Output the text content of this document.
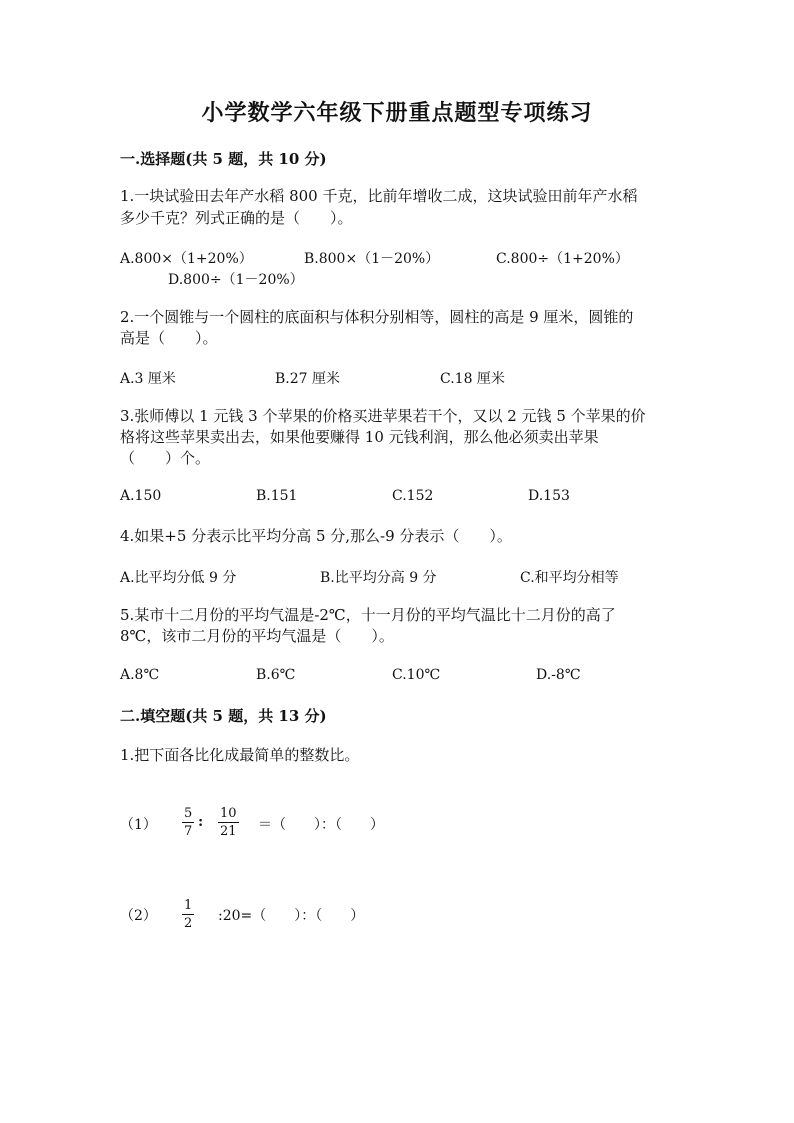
小学数学六年级下册重点题型专项练习
一.选择题(共 5 题，共 10 分)
1.一块试验田去年产水稻 800 千克，比前年增收二成，这块试验田前年产水稻
多少千克？列式正确的是（　　）。
A.800×（1+20%）	B.800×（1－20%）	C.800÷（1+20%）
D.800÷（1－20%）
2.一个圆锥与一个圆柱的底面积与体积分别相等，圆柱的高是 9 厘米，圆锥的
高是（　　）。
A.3 厘米	B.27 厘米	C.18 厘米
3.张师傅以 1 元钱 3 个苹果的价格买进苹果若干个，又以 2 元钱 5 个苹果的价
格将这些苹果卖出去，如果他要赚得 10 元钱利润，那么他必须卖出苹果
（　　）个。
A.150	B.151	C.152	D.153
4.如果+5 分表示比平均分高 5 分,那么-9 分表示（　　）。
A.比平均分低 9 分	B.比平均分高 9 分	C.和平均分相等
5.某市十二月份的平均气温是-2℃，十一月份的平均气温比十二月份的高了
8℃，该市二月份的平均气温是（　　）。
A.8℃	B.6℃	C.10℃	D.-8℃
二.填空题(共 5 题，共 13 分)
1.把下面各比化成最简单的整数比。
（1）
5
7
:
10
21 ＝（　　）：（　　）
（2）
1
2 :20=（　　）：（　　）
